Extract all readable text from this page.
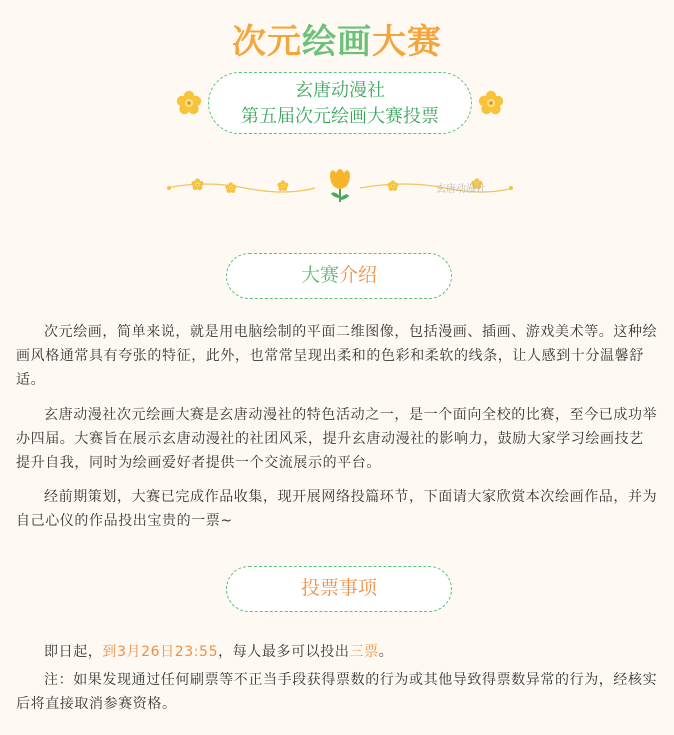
次元绘画大赛
玄唐动漫社
第五届次元绘画大赛投票
玄唐动漫社
大赛介绍

次元绘画，简单来说，就是用电脑绘制的平面二维图像，包括漫画、插画、游戏美术等。这种绘画风格通常具有夸张的特征，此外，也常常呈现出柔和的色彩和柔软的线条，让人感到十分温馨舒适。

玄唐动漫社次元绘画大赛是玄唐动漫社的特色活动之一，是一个面向全校的比赛，至今已成功举办四届。大赛旨在展示玄唐动漫社的社团风采，提升玄唐动漫社的影响力，鼓励大家学习绘画技艺提升自我，同时为绘画爱好者提供一个交流展示的平台。

经前期策划，大赛已完成作品收集，现开展网络投篇环节，下面请大家欣赏本次绘画作品，并为自己心仪的作品投出宝贵的一票~

投票事项

即日起，到3月26日23:55，每人最多可以投出三票。

注：如果发现通过任何刷票等不正当手段获得票数的行为或其他导致得票数异常的行为，经核实后将直接取消参赛资格。
